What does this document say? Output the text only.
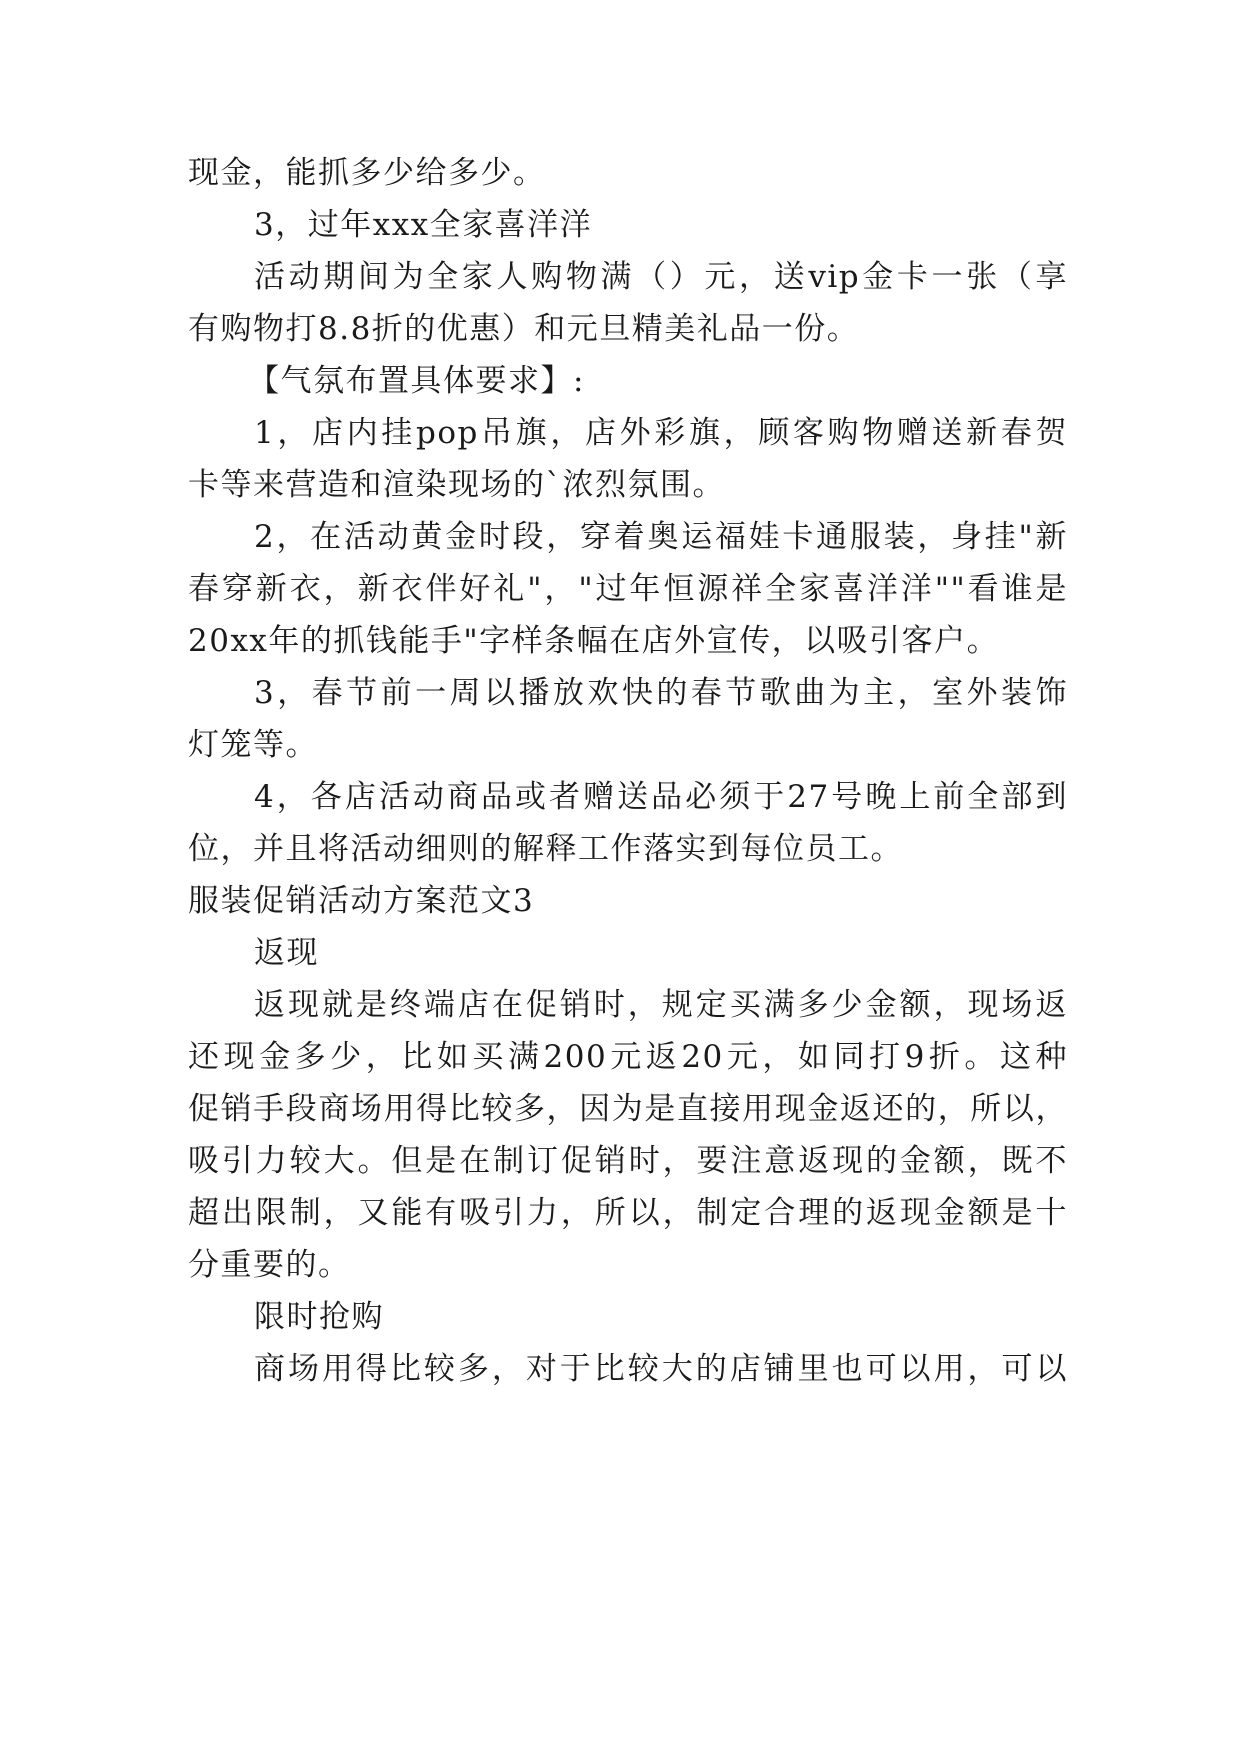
现金，能抓多少给多少。
3，过年xxx全家喜洋洋
活动期间为全家人购物满（）元，送vip金卡一张（享
有购物打8.8折的优惠）和元旦精美礼品一份。
【气氛布置具体要求】:
1，店内挂pop吊旗，店外彩旗，顾客购物赠送新春贺
卡等来营造和渲染现场的`浓烈氛围。
2，在活动黄金时段，穿着奥运福娃卡通服装，身挂"新
春穿新衣，新衣伴好礼"，"过年恒源祥全家喜洋洋""看谁是
20xx年的抓钱能手"字样条幅在店外宣传，以吸引客户。
3，春节前一周以播放欢快的春节歌曲为主，室外装饰
灯笼等。
4，各店活动商品或者赠送品必须于27号晚上前全部到
位，并且将活动细则的解释工作落实到每位员工。
服装促销活动方案范文3
返现
返现就是终端店在促销时，规定买满多少金额，现场返
还现金多少，比如买满200元返20元，如同打9折。这种
促销手段商场用得比较多，因为是直接用现金返还的，所以，
吸引力较大。但是在制订促销时，要注意返现的金额，既不
超出限制，又能有吸引力，所以，制定合理的返现金额是十
分重要的。
限时抢购
商场用得比较多，对于比较大的店铺里也可以用，可以
